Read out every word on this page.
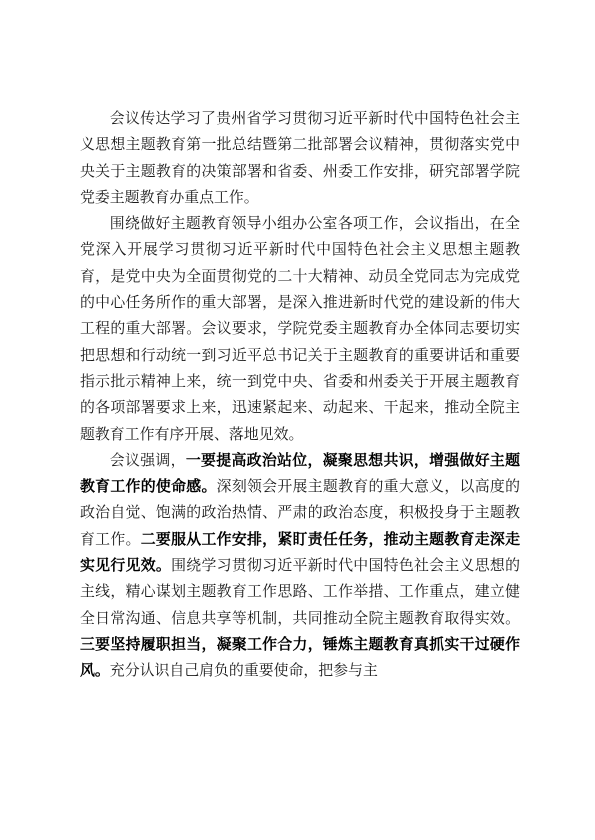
会议传达学习了贵州省学习贯彻习近平新时代中国特色社会主义思想主题教育第一批总结暨第二批部署会议精神，贯彻落实党中央关于主题教育的决策部署和省委、州委工作安排，研究部署学院党委主题教育办重点工作。

围绕做好主题教育领导小组办公室各项工作，会议指出，在全党深入开展学习贯彻习近平新时代中国特色社会主义思想主题教育，是党中央为全面贯彻党的二十大精神、动员全党同志为完成党的中心任务所作的重大部署，是深入推进新时代党的建设新的伟大工程的重大部署。会议要求，学院党委主题教育办全体同志要切实把思想和行动统一到习近平总书记关于主题教育的重要讲话和重要指示批示精神上来，统一到党中央、省委和州委关于开展主题教育的各项部署要求上来，迅速紧起来、动起来、干起来，推动全院主题教育工作有序开展、落地见效。

会议强调，一要提高政治站位，凝聚思想共识，增强做好主题教育工作的使命感。深刻领会开展主题教育的重大意义，以高度的政治自觉、饱满的政治热情、严肃的政治态度，积极投身于主题教育工作。二要服从工作安排，紧盯责任任务，推动主题教育走深走实见行见效。围绕学习贯彻习近平新时代中国特色社会主义思想的主线，精心谋划主题教育工作思路、工作举措、工作重点，建立健全日常沟通、信息共享等机制，共同推动全院主题教育取得实效。三要坚持履职担当，凝聚工作合力，锤炼主题教育真抓实干过硬作风。充分认识自己肩负的重要使命，把参与主
